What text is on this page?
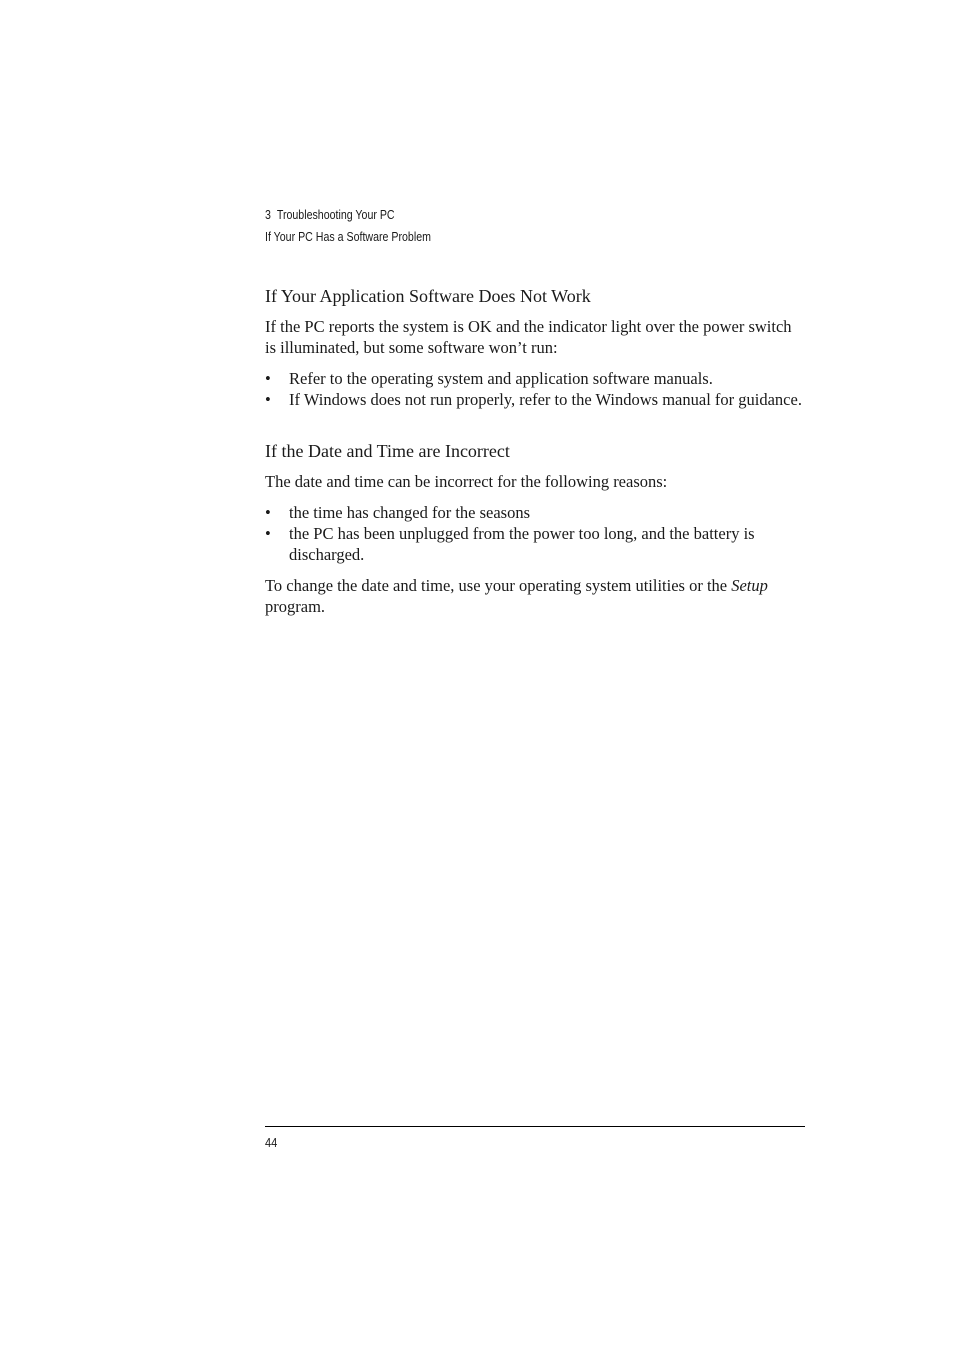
3 Troubleshooting Your PC
If Your PC Has a Software Problem
If Your Application Software Does Not Work

If the PC reports the system is OK and the indicator light over the power switch is illuminated, but some software won’t run:

• Refer to the operating system and application software manuals.
• If Windows does not run properly, refer to the Windows manual for guidance.
If the Date and Time are Incorrect

The date and time can be incorrect for the following reasons:

• the time has changed for the seasons
• the PC has been unplugged from the power too long, and the battery is discharged.

To change the date and time, use your operating system utilities or the Setup program.

44
